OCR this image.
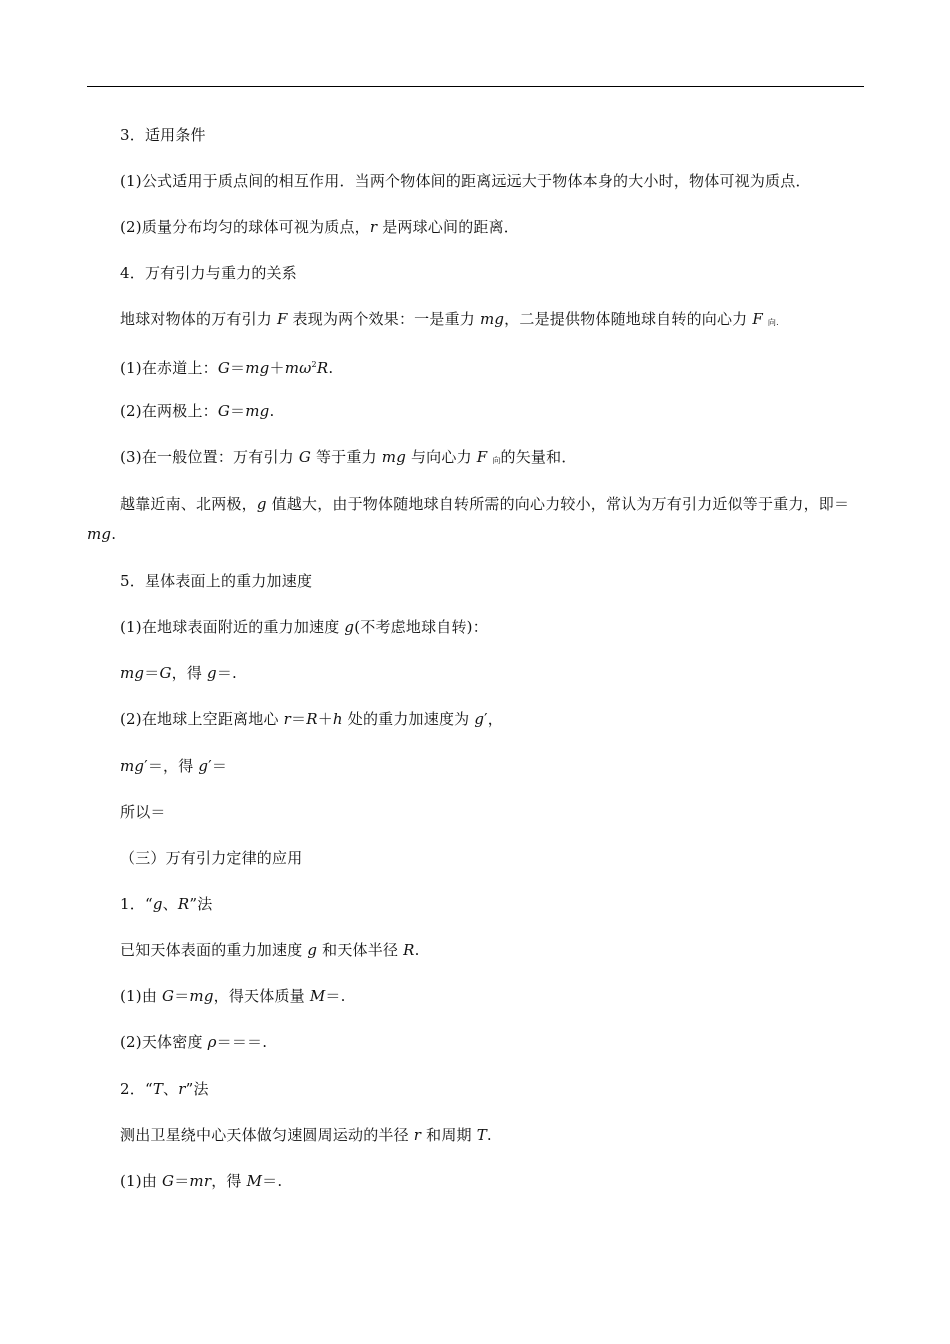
3．适用条件
(1)公式适用于质点间的相互作用．当两个物体间的距离远远大于物体本身的大小时，物体可视为质点．
(2)质量分布均匀的球体可视为质点，r 是两球心间的距离．
4．万有引力与重力的关系
地球对物体的万有引力 F 表现为两个效果：一是重力 mg，二是提供物体随地球自转的向心力 F $_{向.}$
(1)在赤道上：$G=mg+m\omega^2R$.
(2)在两极上：G＝mg.
(3)在一般位置：万有引力 G 等于重力 mg 与向心力 F $_向$的矢量和．
越靠近南、北两极，g 值越大，由于物体随地球自转所需的向心力较小，常认为万有引力近似等于重力，即＝mg.
5．星体表面上的重力加速度
(1)在地球表面附近的重力加速度 g(不考虑地球自转)：
mg＝G，得 g＝.
(2)在地球上空距离地心 r＝R＋h 处的重力加速度为 g′，
mg′＝，得 g′＝
所以＝
（三）万有引力定律的应用
1．“g、R”法
已知天体表面的重力加速度 g 和天体半径 R.
(1)由 G＝mg，得天体质量 M＝.
(2)天体密度 ρ＝＝＝.
2．“T、r”法
测出卫星绕中心天体做匀速圆周运动的半径 r 和周期 T.
(1)由 G＝mr，得 M＝.
